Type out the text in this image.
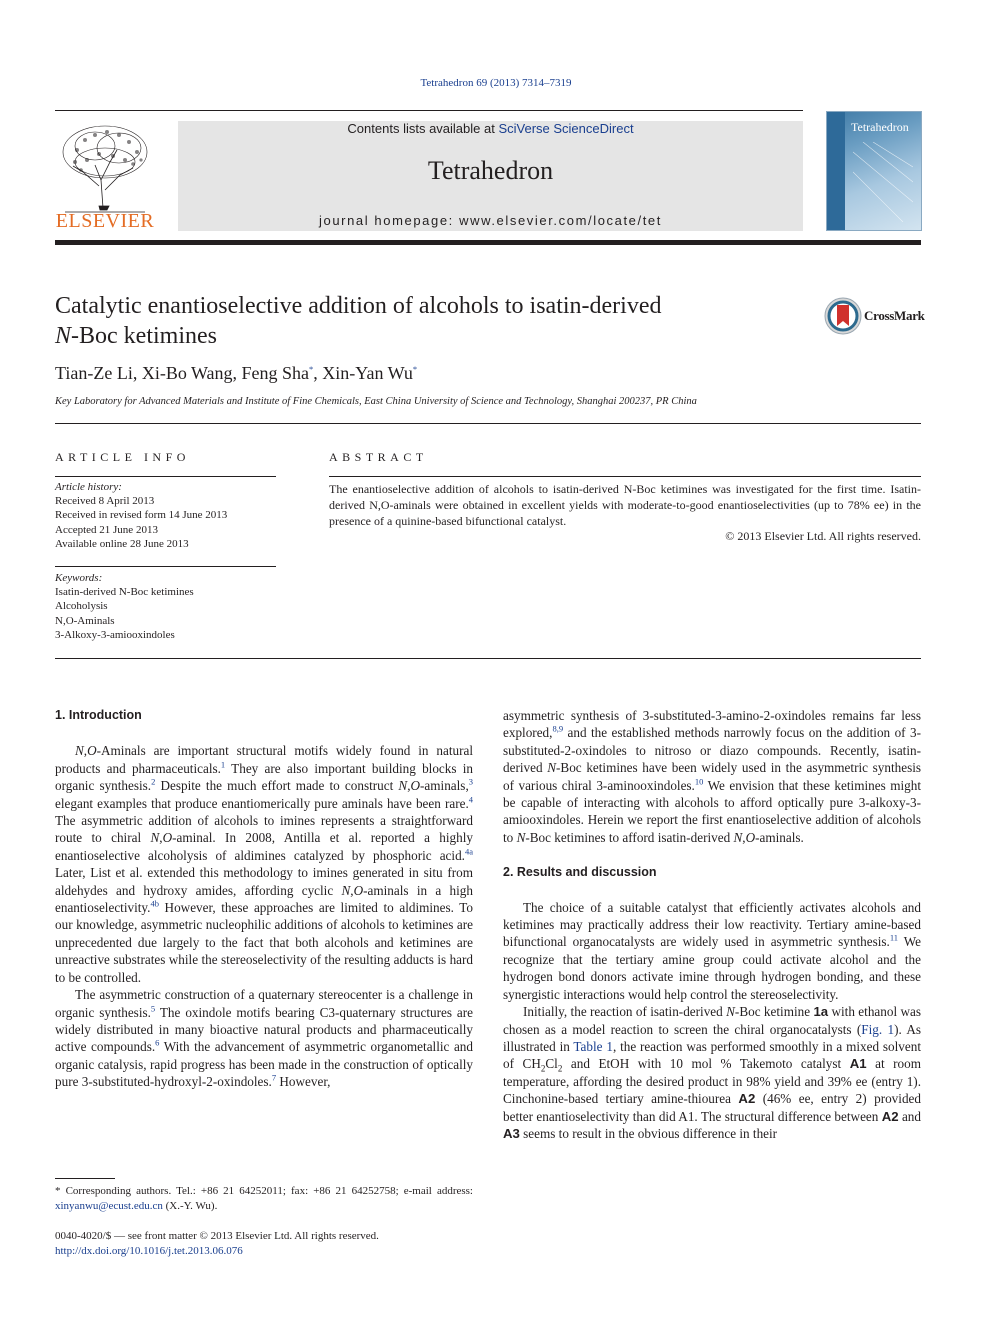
Tetrahedron 69 (2013) 7314–7319
ELSEVIER
Contents lists available at SciVerse ScienceDirect
Tetrahedron
journal homepage: www.elsevier.com/locate/tet
Tetrahedron
Catalytic enantioselective addition of alcohols to isatin-derived
N-Boc ketimines
CrossMark
Tian-Ze Li, Xi-Bo Wang, Feng Sha*, Xin-Yan Wu*
Key Laboratory for Advanced Materials and Institute of Fine Chemicals, East China University of Science and Technology, Shanghai 200237, PR China
ARTICLE INFO	ABSTRACT
Article history:
Received 8 April 2013
Received in revised form 14 June 2013
Accepted 21 June 2013
Available online 28 June 2013
Keywords:
Isatin-derived N-Boc ketimines
Alcoholysis
N,O-Aminals
3-Alkoxy-3-amiooxindoles
The enantioselective addition of alcohols to isatin-derived N-Boc ketimines was investigated for the first time. Isatin-derived N,O-aminals were obtained in excellent yields with moderate-to-good enantioselectivities (up to 78% ee) in the presence of a quinine-based bifunctional catalyst.
© 2013 Elsevier Ltd. All rights reserved.
1. Introduction

N,O-Aminals are important structural motifs widely found in natural products and pharmaceuticals.$^1$ They are also important building blocks in organic synthesis.$^2$ Despite the much effort made to construct N,O-aminals,$^3$ elegant examples that produce enantiomerically pure aminals have been rare.$^4$ The asymmetric addition of alcohols to imines represents a straightforward route to chiral N,O-aminal. In 2008, Antilla et al. reported a highly enantioselective alcoholysis of aldimines catalyzed by phosphoric acid.$^{4a}$ Later, List et al. extended this methodology to imines generated in situ from aldehydes and hydroxy amides, affording cyclic N,O-aminals in a high enantioselectivity.$^{4b}$ However, these approaches are limited to aldimines. To our knowledge, asymmetric nucleophilic additions of alcohols to ketimines are unprecedented due largely to the fact that both alcohols and ketimines are unreactive substrates while the stereoselectivity of the resulting adducts is hard to be controlled.

The asymmetric construction of a quaternary stereocenter is a challenge in organic synthesis.$^5$ The oxindole motifs bearing C3-quaternary structures are widely distributed in many bioactive natural products and pharmaceutically active compounds.$^6$ With the advancement of asymmetric organometallic and organic catalysis, rapid progress has been made in the construction of optically pure 3-substituted-hydroxyl-2-oxindoles.$^7$ However,

asymmetric synthesis of 3-substituted-3-amino-2-oxindoles remains far less explored,$^{8,9}$ and the established methods narrowly focus on the addition of 3-substituted-2-oxindoles to nitroso or diazo compounds. Recently, isatin-derived N-Boc ketimines have been widely used in the asymmetric synthesis of various chiral 3-aminooxindoles.$^{10}$ We envision that these ketimines might be capable of interacting with alcohols to afford optically pure 3-alkoxy-3-amiooxindoles. Herein we report the first enantioselective addition of alcohols to N-Boc ketimines to afford isatin-derived N,O-aminals.

2. Results and discussion

The choice of a suitable catalyst that efficiently activates alcohols and ketimines may practically address their low reactivity. Tertiary amine-based bifunctional organocatalysts are widely used in asymmetric synthesis.$^{11}$ We recognize that the tertiary amine group could activate alcohol and the hydrogen bond donors activate imine through hydrogen bonding, and these synergistic interactions would help control the stereoselectivity.

Initially, the reaction of isatin-derived N-Boc ketimine 1a with ethanol was chosen as a model reaction to screen the chiral organocatalysts (Fig. 1). As illustrated in Table 1, the reaction was performed smoothly in a mixed solvent of $CH_2Cl_2$ and EtOH with 10 mol % Takemoto catalyst A1 at room temperature, affording the desired product in 98% yield and 39% ee (entry 1). Cinchonine-based tertiary amine-thiourea A2 (46% ee, entry 2) provided better enantioselectivity than did A1. The structural difference between A2 and A3 seems to result in the obvious difference in their

* Corresponding authors. Tel.: +86 21 64252011; fax: +86 21 64252758; e-mail address: xinyanwu@ecust.edu.cn (X.-Y. Wu).
0040-4020/$ — see front matter © 2013 Elsevier Ltd. All rights reserved.
http://dx.doi.org/10.1016/j.tet.2013.06.076
